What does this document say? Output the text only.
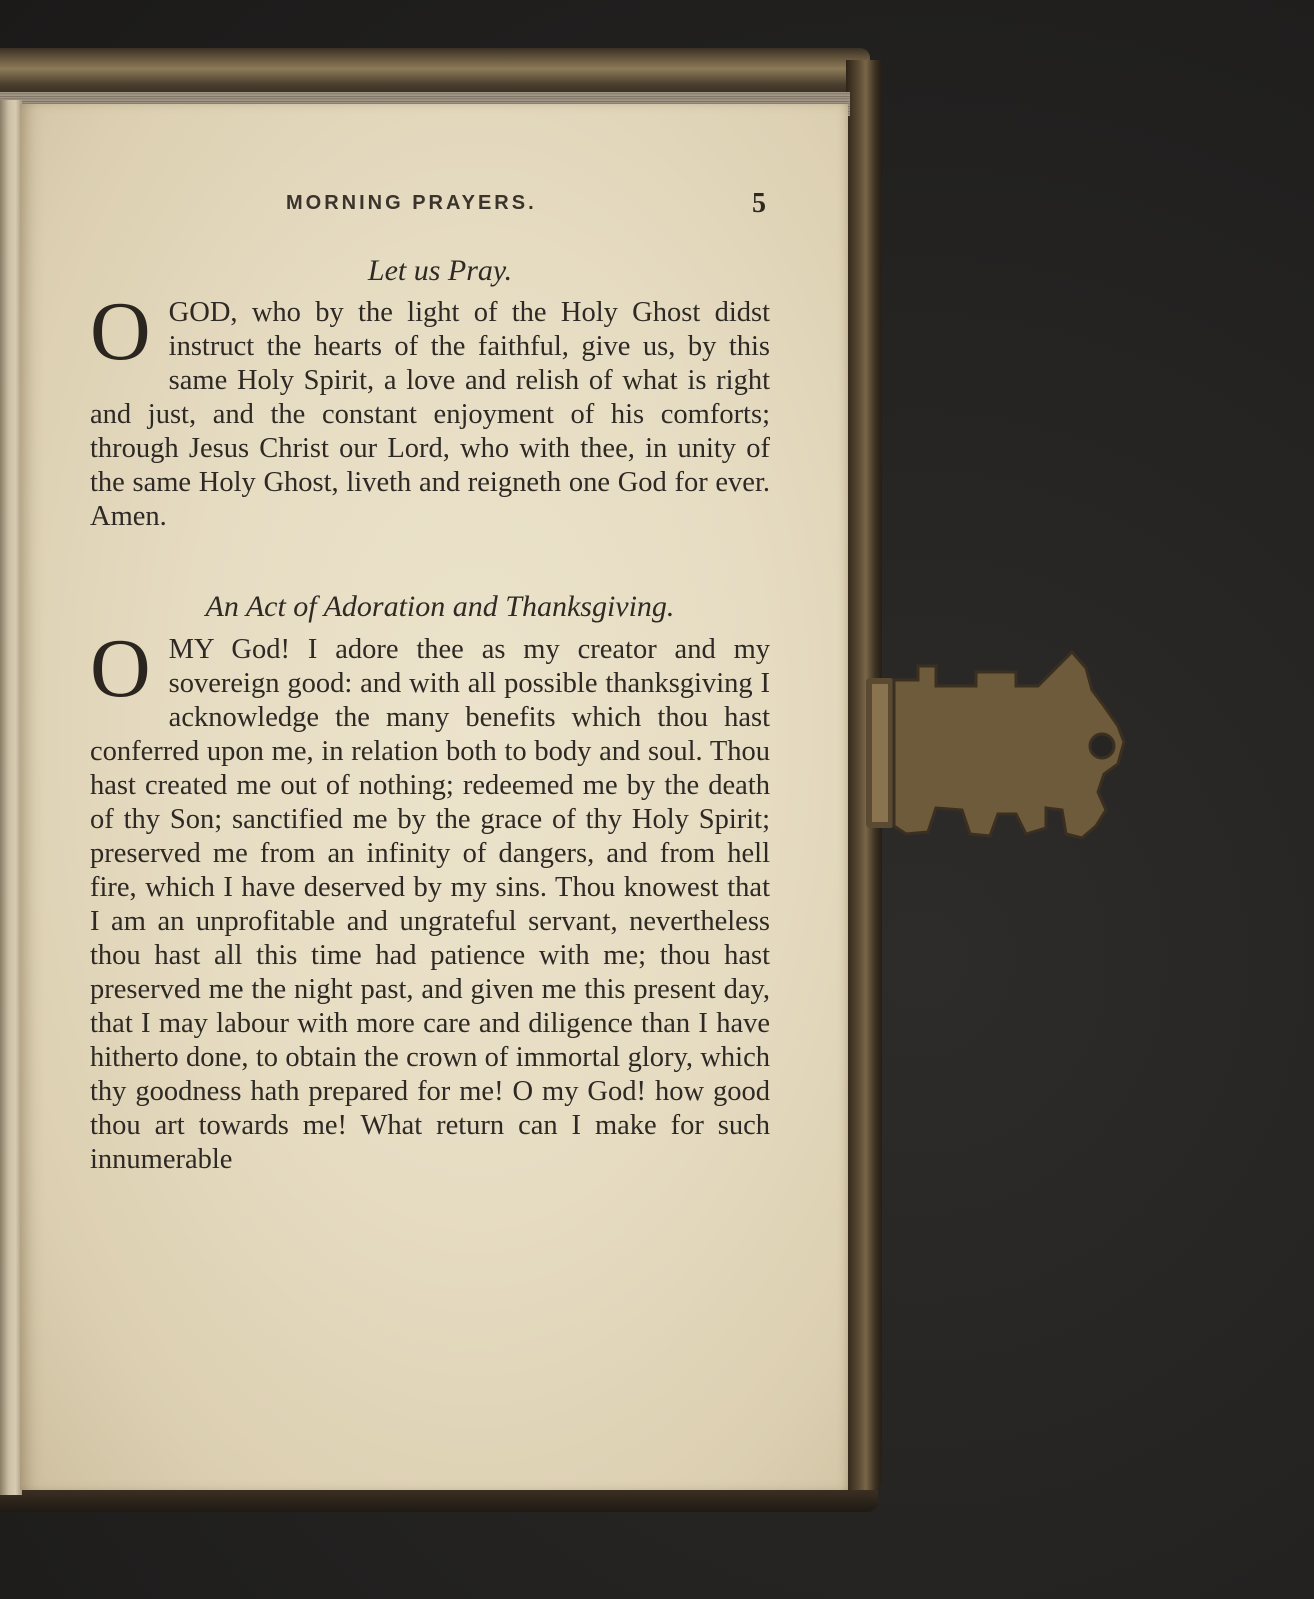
MORNING PRAYERS.	5
Let us Pray.
O GOD, who by the light of the Holy Ghost didst instruct the hearts of the faithful, give us, by this same Holy Spirit, a love and relish of what is right and just, and the constant enjoyment of his comforts; through Jesus Christ our Lord, who with thee, in unity of the same Holy Ghost, liveth and reigneth one God for ever. Amen.

An Act of Adoration and Thanksgiving.
O MY God! I adore thee as my creator and my sovereign good: and with all possible thanksgiving I acknowledge the many benefits which thou hast conferred upon me, in relation both to body and soul. Thou hast created me out of nothing; redeemed me by the death of thy Son; sanctified me by the grace of thy Holy Spirit; preserved me from an infinity of dangers, and from hell fire, which I have deserved by my sins. Thou knowest that I am an unprofitable and ungrateful servant, nevertheless thou hast all this time had patience with me; thou hast preserved me the night past, and given me this present day, that I may labour with more care and diligence than I have hitherto done, to obtain the crown of immortal glory, which thy goodness hath prepared for me! O my God! how good thou art towards me! What return can I make for such innumerable
